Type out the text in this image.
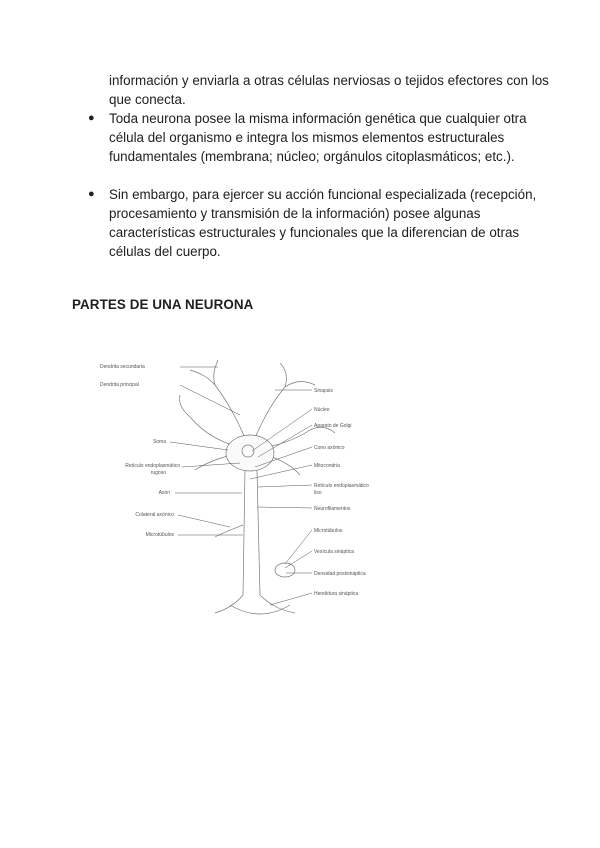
información y enviarla a otras células nerviosas o tejidos efectores con los que conecta.
●	Toda neurona posee la misma información genética que cualquier otra célula del organismo e integra los mismos elementos estructurales fundamentales (membrana; núcleo; orgánulos citoplasmáticos; etc.).
●	Sin embargo, para ejercer su acción funcional especializada (recepción, procesamiento y transmisión de la información) posee algunas características estructurales y funcionales que la diferencian de otras células del cuerpo.
PARTES DE UNA NEURONA
Dendrita secundaria
Dendrita principal
Soma
Retículo endoplasmático
rugoso
Axón
Colateral axónico
Microtúbulos
Sinapsis
Núcleo
Aparato de Golgi
Cono axónico
Mitocondria
Retículo endoplasmático
liso
Neurofilamentos
Microtúbulos
Vesícula sináptica
Densidad postsináptica
Hendidura sináptica
